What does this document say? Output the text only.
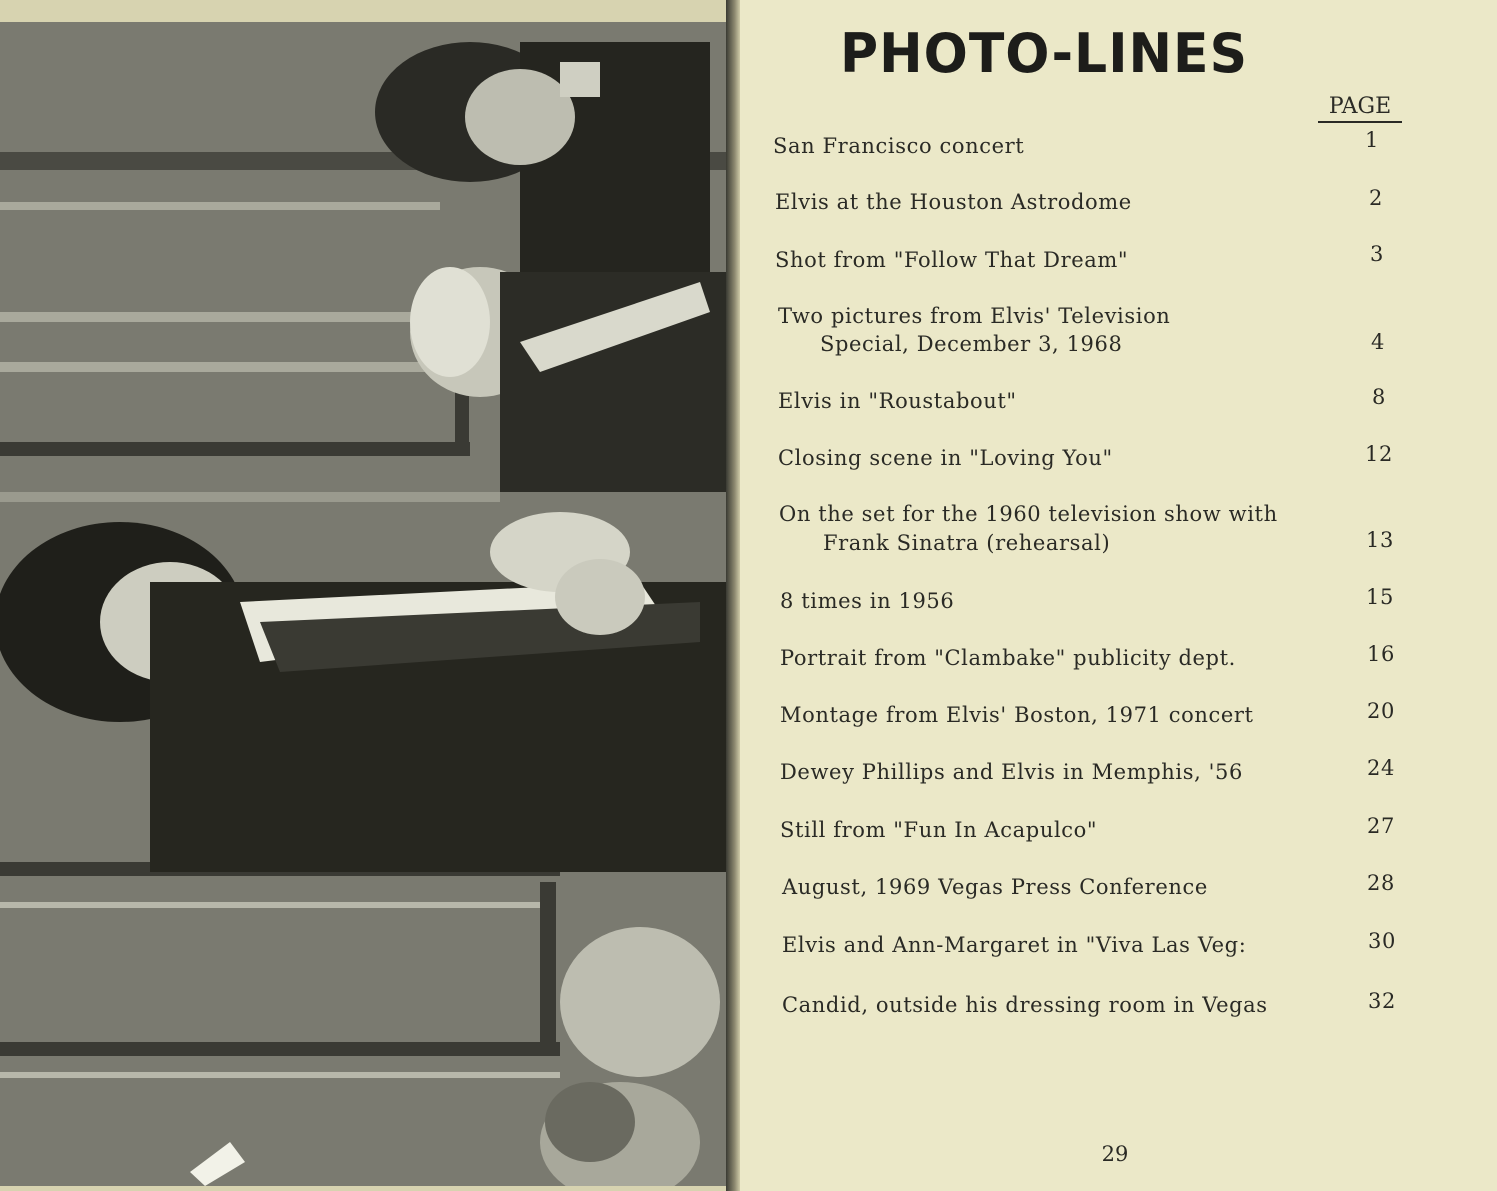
PHOTO-LINES
PAGE
San Francisco concert	1
Elvis at the Houston Astrodome	2
Shot from "Follow That Dream"	3
Two pictures from Elvis' Television
Special, December 3, 1968	4
Elvis in "Roustabout"	8
Closing scene in "Loving You"	12
On the set for the 1960 television show with
Frank Sinatra (rehearsal)	13
8 times in 1956	15
Portrait from "Clambake" publicity dept.	16
Montage from Elvis' Boston, 1971 concert	20
Dewey Phillips and Elvis in Memphis, '56	24
Still from "Fun In Acapulco"	27
August, 1969 Vegas Press Conference	28
Elvis and Ann-Margaret in "Viva Las Veg:	30
Candid, outside his dressing room in Vegas	32
29
